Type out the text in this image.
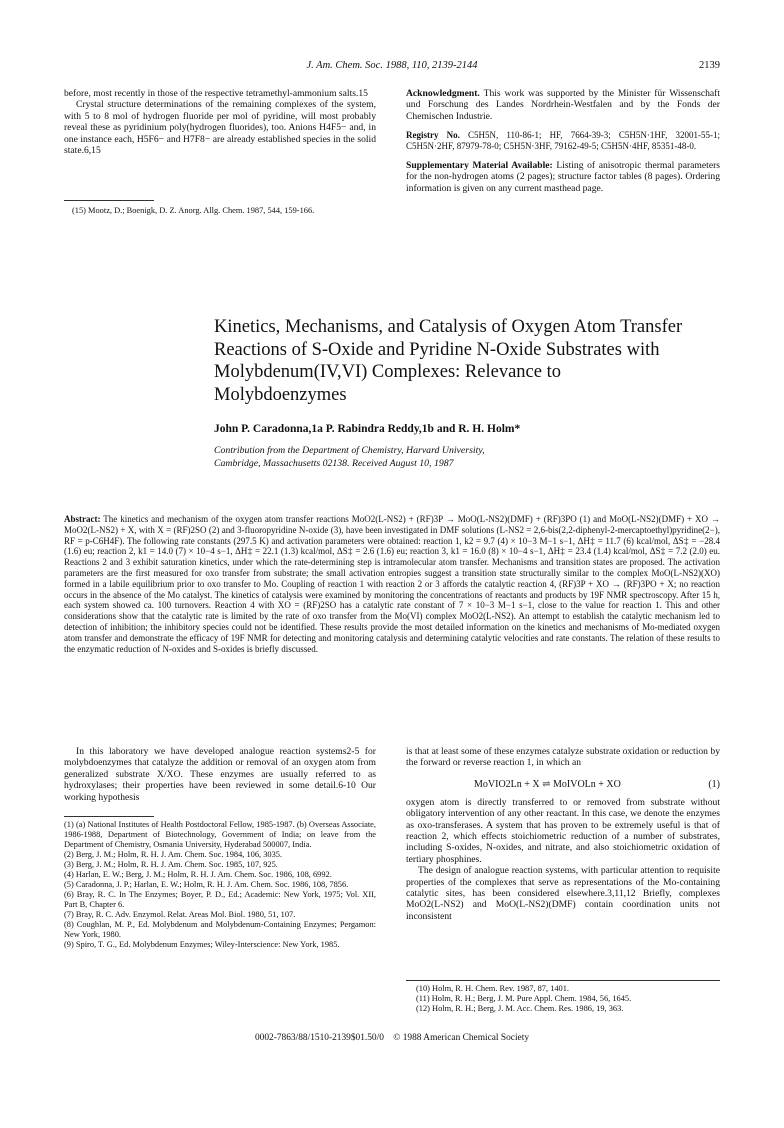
J. Am. Chem. Soc. 1988, 110, 2139-2144	2139

before, most recently in those of the respective tetramethyl-ammonium salts.15

Crystal structure determinations of the remaining complexes of the system, with 5 to 8 mol of hydrogen fluoride per mol of pyridine, will most probably reveal these as pyridinium poly(hydrogen fluorides), too. Anions H4F5− and, in one instance each, H5F6− and H7F8− are already established species in the solid state.6,15

(15) Mootz, D.; Boenigk, D. Z. Anorg. Allg. Chem. 1987, 544, 159-166.

Acknowledgment. This work was supported by the Minister für Wissenschaft und Forschung des Landes Nordrhein-Westfalen and by the Fonds der Chemischen Industrie.

Registry No. C5H5N, 110-86-1; HF, 7664-39-3; C5H5N·1HF, 32001-55-1; C5H5N·2HF, 87979-78-0; C5H5N·3HF, 79162-49-5; C5H5N·4HF, 85351-48-0.

Supplementary Material Available: Listing of anisotropic thermal parameters for the non-hydrogen atoms (2 pages); structure factor tables (8 pages). Ordering information is given on any current masthead page.

Kinetics, Mechanisms, and Catalysis of Oxygen Atom Transfer
Reactions of S-Oxide and Pyridine N-Oxide Substrates with
Molybdenum(IV,VI) Complexes: Relevance to
Molybdoenzymes
John P. Caradonna,1a P. Rabindra Reddy,1b and R. H. Holm*
Contribution from the Department of Chemistry, Harvard University,
Cambridge, Massachusetts 02138. Received August 10, 1987
Abstract: The kinetics and mechanism of the oxygen atom transfer reactions MoO2(L-NS2) + (RF)3P → MoO(L-NS2)(DMF) + (RF)3PO (1) and MoO(L-NS2)(DMF) + XO → MoO2(L-NS2) + X, with X = (RF)2SO (2) and 3-fluoropyridine N-oxide (3), have been investigated in DMF solutions (L-NS2 = 2,6-bis(2,2-diphenyl-2-mercaptoethyl)pyridine(2−), RF = p-C6H4F). The following rate constants (297.5 K) and activation parameters were obtained: reaction 1, k2 = 9.7 (4) × 10−3 M−1 s−1, ΔH‡ = 11.7 (6) kcal/mol, ΔS‡ = −28.4 (1.6) eu; reaction 2, k1 = 14.0 (7) × 10−4 s−1, ΔH‡ = 22.1 (1.3) kcal/mol, ΔS‡ = 2.6 (1.6) eu; reaction 3, k1 = 16.0 (8) × 10−4 s−1, ΔH‡ = 23.4 (1.4) kcal/mol, ΔS‡ = 7.2 (2.0) eu. Reactions 2 and 3 exhibit saturation kinetics, under which the rate-determining step is intramolecular atom transfer. Mechanisms and transition states are proposed. The activation parameters are the first measured for oxo transfer from substrate; the small activation entropies suggest a transition state structurally similar to the complex MoO(L-NS2)(XO) formed in a labile equilibrium prior to oxo transfer to Mo. Coupling of reaction 1 with reaction 2 or 3 affords the catalytic reaction 4, (RF)3P + XO → (RF)3PO + X; no reaction occurs in the absence of the Mo catalyst. The kinetics of catalysis were examined by monitoring the concentrations of reactants and products by 19F NMR spectroscopy. After 15 h, each system showed ca. 100 turnovers. Reaction 4 with XO = (RF)2SO has a catalytic rate constant of 7 × 10−3 M−1 s−1, close to the value for reaction 1. This and other considerations show that the catalytic rate is limited by the rate of oxo transfer from the Mo(VI) complex MoO2(L-NS2). An attempt to establish the catalytic mechanism led to detection of inhibition; the inhibitory species could not be identified. These results provide the most detailed information on the kinetics and mechanisms of Mo-mediated oxygen atom transfer and demonstrate the efficacy of 19F NMR for detecting and monitoring catalysis and determining catalytic velocities and rate constants. The relation of these results to the enzymatic reduction of N-oxides and S-oxides is briefly discussed.

In this laboratory we have developed analogue reaction systems2-5 for molybdoenzymes that catalyze the addition or removal of an oxygen atom from generalized substrate X/XO. These enzymes are usually referred to as hydroxylases; their properties have been reviewed in some detail.6-10 Our working hypothesis

(1) (a) National Institutes of Health Postdoctoral Fellow, 1985-1987. (b) Overseas Associate, 1986-1988, Department of Biotechnology, Government of India; on leave from the Department of Chemistry, Osmania University, Hyderabad 500007, India.
(2) Berg, J. M.; Holm, R. H. J. Am. Chem. Soc. 1984, 106, 3035.
(3) Berg, J. M.; Holm, R. H. J. Am. Chem. Soc. 1985, 107, 925.
(4) Harlan, E. W.; Berg, J. M.; Holm, R. H. J. Am. Chem. Soc. 1986, 108, 6992.
(5) Caradonna, J. P.; Harlan, E. W.; Holm, R. H. J. Am. Chem. Soc. 1986, 108, 7856.
(6) Bray, R. C. In The Enzymes; Boyer, P. D., Ed.; Academic: New York, 1975; Vol. XII, Part B, Chapter 6.
(7) Bray, R. C. Adv. Enzymol. Relat. Areas Mol. Biol. 1980, 51, 107.
(8) Coughlan, M. P., Ed. Molybdenum and Molybdenum-Containing Enzymes; Pergamon: New York, 1980.
(9) Spiro, T. G., Ed. Molybdenum Enzymes; Wiley-Interscience: New York, 1985.

is that at least some of these enzymes catalyze substrate oxidation or reduction by the forward or reverse reaction 1, in which an

MoVIO2Ln + X ⇌ MoIVOLn + XO	(1)

oxygen atom is directly transferred to or removed from substrate without obligatory intervention of any other reactant. In this case, we denote the enzymes as oxo-transferases. A system that has proven to be extremely useful is that of reaction 2, which effects stoichiometric reduction of a number of substrates, including S-oxides, N-oxides, and nitrate, and also stoichiometric oxidation of tertiary phosphines.

The design of analogue reaction systems, with particular attention to requisite properties of the complexes that serve as representations of the Mo-containing catalytic sites, has been considered elsewhere.3,11,12 Briefly, complexes MoO2(L-NS2) and MoO(L-NS2)(DMF) contain coordination units not inconsistent

(10) Holm, R. H. Chem. Rev. 1987, 87, 1401.
(11) Holm, R. H.; Berg, J. M. Pure Appl. Chem. 1984, 56, 1645.
(12) Holm, R. H.; Berg, J. M. Acc. Chem. Res. 1986, 19, 363.
0002-7863/88/1510-2139$01.50/0 © 1988 American Chemical Society
